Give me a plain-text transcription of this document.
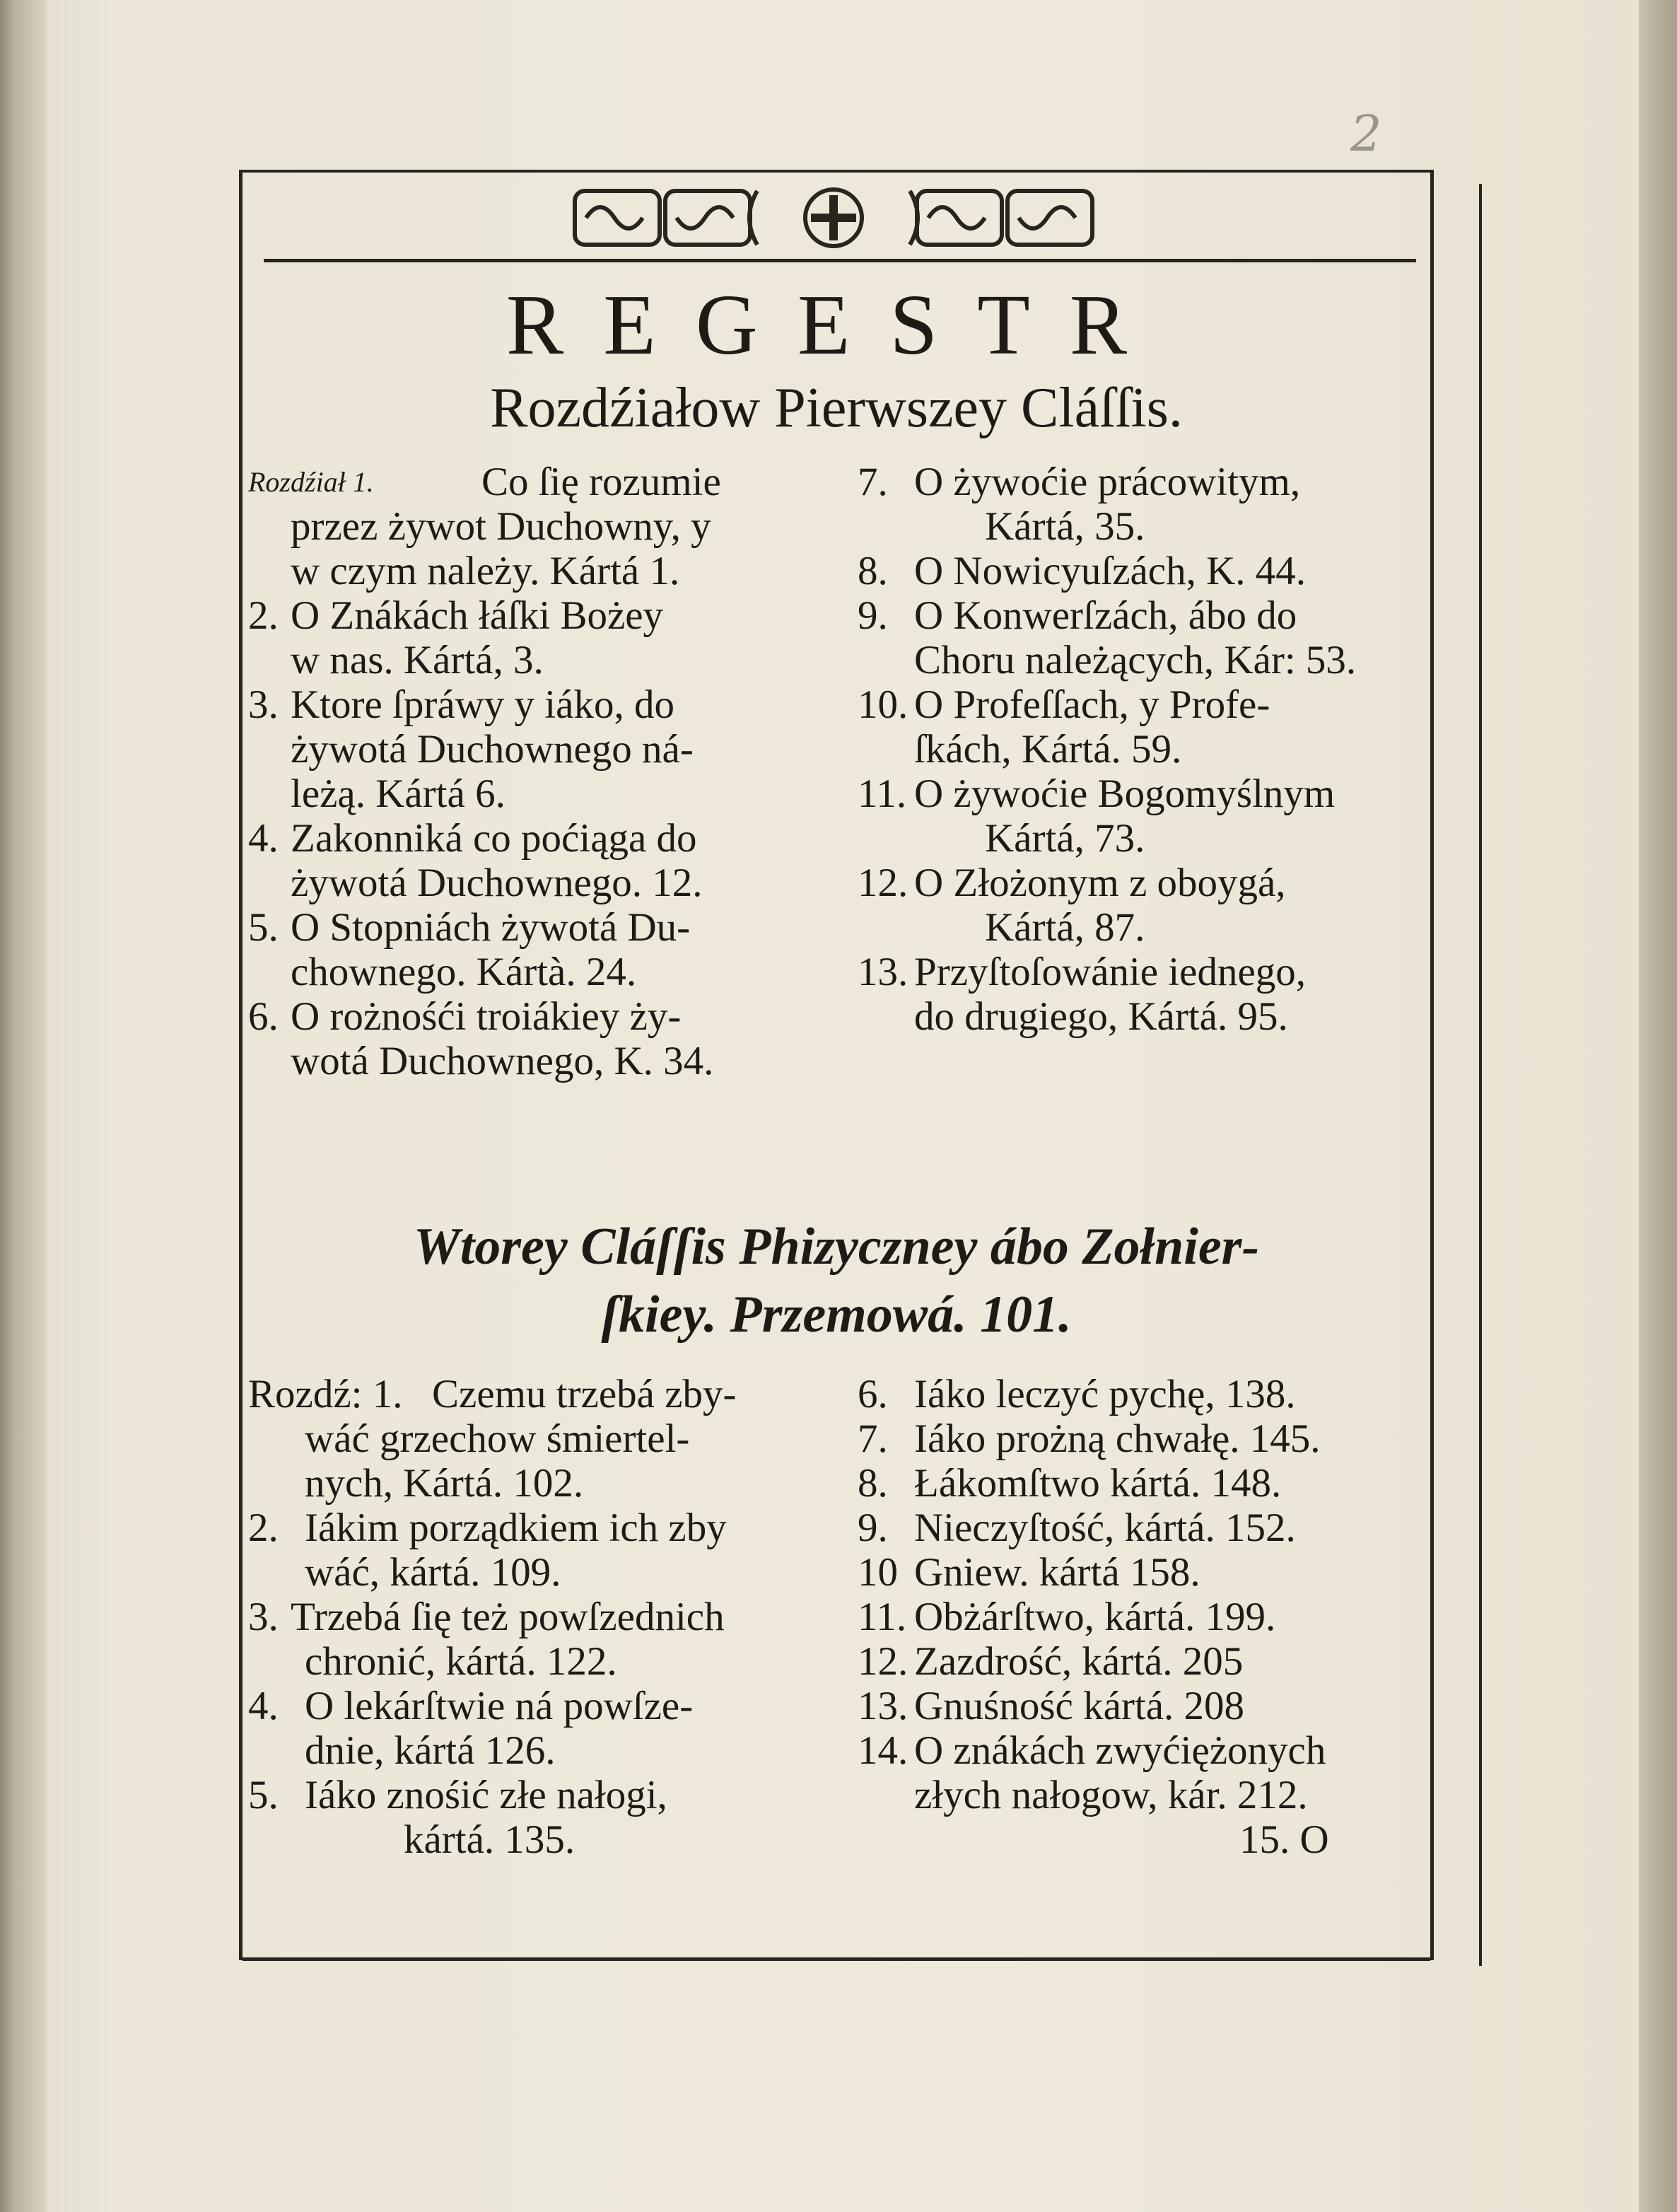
2
REGESTR
Rozdźiałow Pierwszey Cláſſis.
Rozdźiał 1.	Co ſię rozumie
przez żywot Duchowny, y
w czym należy. Kártá 1.
2. O Znákách łáſki Bożey
w nas. Kártá, 3.
3. Ktore ſpráwy y iáko, do
żywotá Duchownego ná-
leżą. Kártá 6.
4. Zakonniká co poćiąga do
żywotá Duchownego. 12.
5. O Stopniách żywotá Du-
chownego. Kártà. 24.
6. O rożnośći troiákiey ży-
wotá Duchownego, K. 34.
7. O żywoćie prácowitym,
Kártá, 35.
8. O Nowicyuſzách, K. 44.
9. O Konwerſzách, ábo do
Choru należących, Kár: 53.
10. O Profeſſach, y Profe-
ſkách, Kártá. 59.
11. O żywoćie Bogomyślnym
Kártá, 73.
12. O Złożonym z oboygá,
Kártá, 87.
13. Przyſtoſowánie iednego,
do drugiego, Kártá. 95.
Wtorey Cláſſis Phizyczney ábo Zołnier-
ſkiey. Przemowá. 101.
Rozdź: 1. Czemu trzebá zby-
wáć grzechow śmiertel-
nych, Kártá. 102.
2. Iákim porządkiem ich zby
wáć, kártá. 109.
3. Trzebá ſię też powſzednich
chronić, kártá. 122.
4. O lekárſtwie ná powſze-
dnie, kártá 126.
5. Iáko znośić złe nałogi,
kártá. 135.
6. Iáko leczyć pychę, 138.
7. Iáko prożną chwałę. 145.
8. Łákomſtwo kártá. 148.
9. Nieczyſtość, kártá. 152.
10 Gniew. kártá 158.
11. Obżárſtwo, kártá. 199.
12. Zazdrość, kártá. 205
13. Gnuśność kártá. 208
14. O znákách zwyćiężonych
złych nałogow, kár. 212.
15. O
